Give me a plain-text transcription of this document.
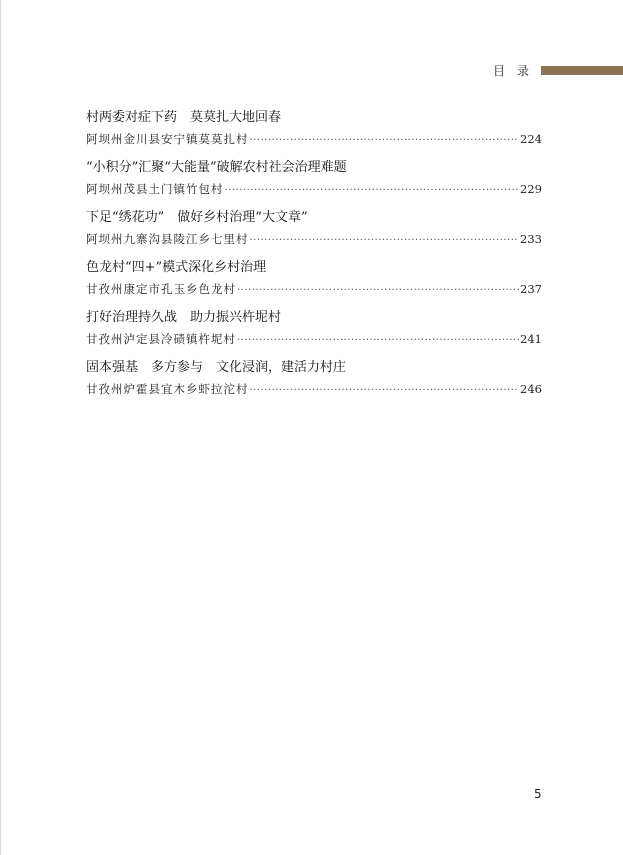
目　录
村两委对症下药　莫莫扎大地回春
阿坝州金川县安宁镇莫莫扎村 ·····	224
“小积分”汇聚“大能量”破解农村社会治理难题
阿坝州茂县土门镇竹包村 ·····	229
下足“绣花功”　做好乡村治理“大文章”
阿坝州九寨沟县陵江乡七里村 ·····	233
色龙村“四+”模式深化乡村治理
甘孜州康定市孔玉乡色龙村 ·····	237
打好治理持久战　助力振兴杵坭村
甘孜州泸定县冷碛镇杵坭村 ·····	241
固本强基　多方参与　文化浸润，建活力村庄
甘孜州炉霍县宜木乡虾拉沱村 ·····	246
5
